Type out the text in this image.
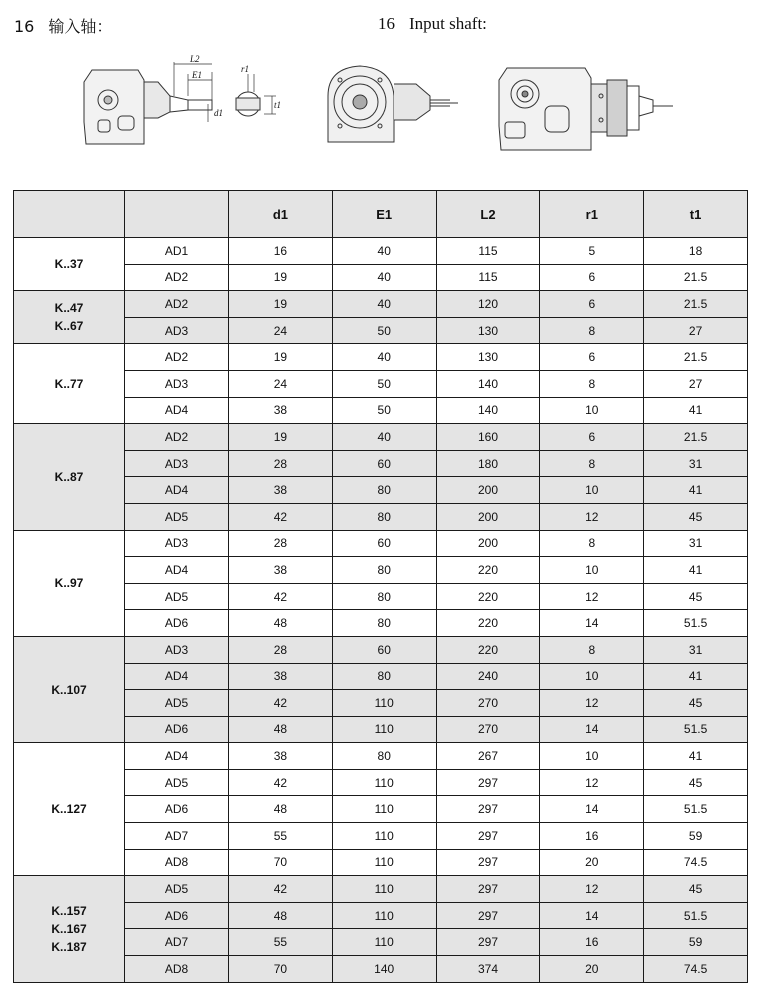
16 输入轴：	16 Input shaft:
L2
E1
r1
d1
t1
		d1	E1	L2	r1	t1

K..37	AD1	16	40	115	5	18
	AD2	19	40	115	6	21.5

K..47
K..67	AD2	19	40	120	6	21.5
	AD3	24	50	130	8	27

K..77	AD2	19	40	130	6	21.5
	AD3	24	50	140	8	27
	AD4	38	50	140	10	41

K..87	AD2	19	40	160	6	21.5
	AD3	28	60	180	8	31
	AD4	38	80	200	10	41
	AD5	42	80	200	12	45

K..97	AD3	28	60	200	8	31
	AD4	38	80	220	10	41
	AD5	42	80	220	12	45
	AD6	48	80	220	14	51.5

K..107	AD3	28	60	220	8	31
	AD4	38	80	240	10	41
	AD5	42	110	270	12	45
	AD6	48	110	270	14	51.5

K..127	AD4	38	80	267	10	41
	AD5	42	110	297	12	45
	AD6	48	110	297	14	51.5
	AD7	55	110	297	16	59
	AD8	70	110	297	20	74.5

K..157
K..167
K..187	AD5	42	110	297	12	45
	AD6	48	110	297	14	51.5
	AD7	55	110	297	16	59
	AD8	70	140	374	20	74.5
